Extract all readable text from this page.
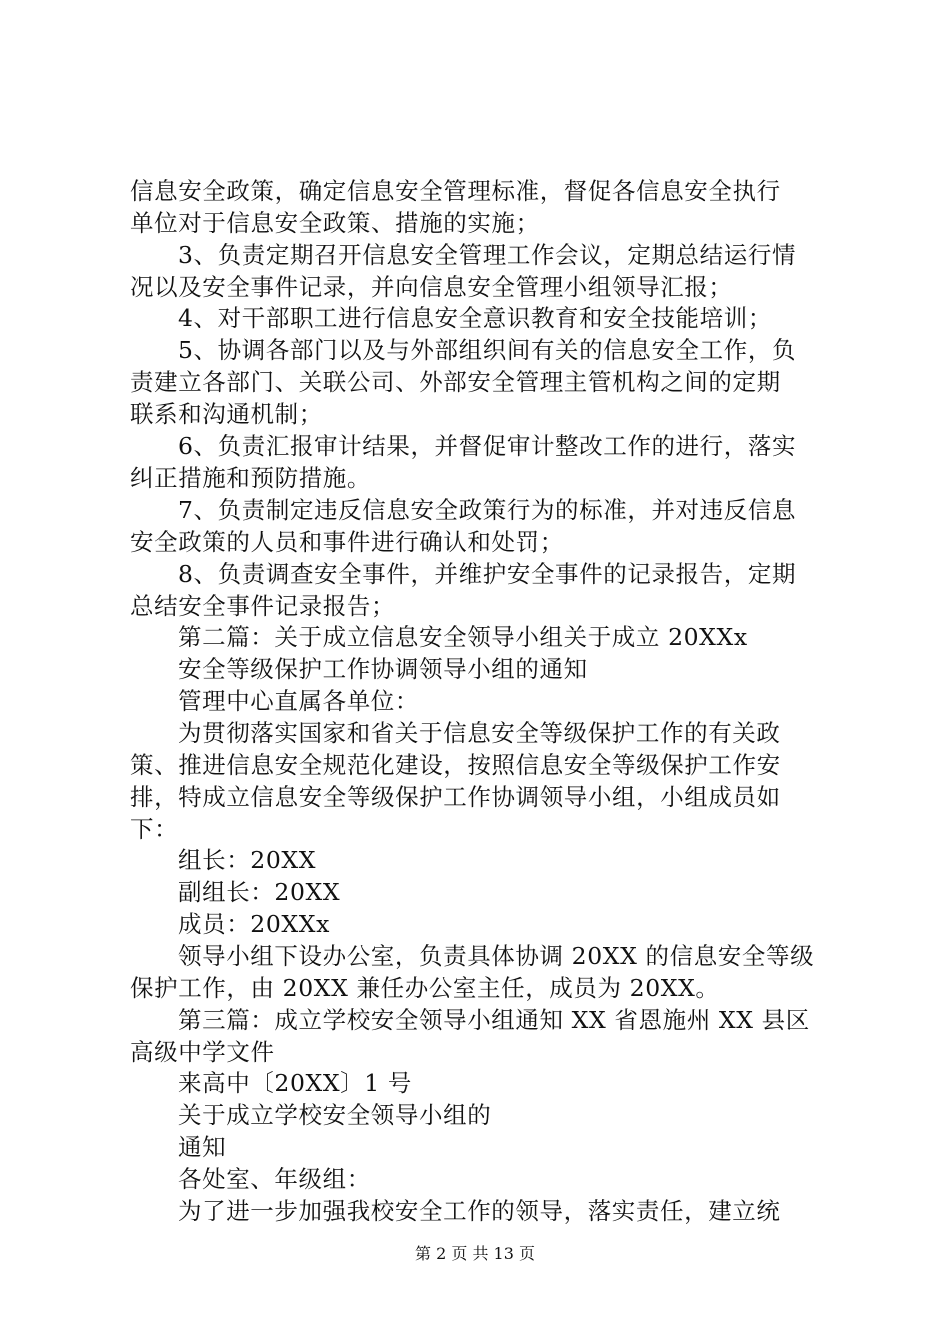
信息安全政策，确定信息安全管理标准，督促各信息安全执行
单位对于信息安全政策、措施的实施；
3、负责定期召开信息安全管理工作会议，定期总结运行情
况以及安全事件记录，并向信息安全管理小组领导汇报；
4、对干部职工进行信息安全意识教育和安全技能培训；
5、协调各部门以及与外部组织间有关的信息安全工作，负
责建立各部门、关联公司、外部安全管理主管机构之间的定期
联系和沟通机制；
6、负责汇报审计结果，并督促审计整改工作的进行，落实
纠正措施和预防措施。
7、负责制定违反信息安全政策行为的标准，并对违反信息
安全政策的人员和事件进行确认和处罚；
8、负责调查安全事件，并维护安全事件的记录报告，定期
总结安全事件记录报告；
第二篇：关于成立信息安全领导小组关于成立 20XXx
安全等级保护工作协调领导小组的通知
管理中心直属各单位：
为贯彻落实国家和省关于信息安全等级保护工作的有关政
策、推进信息安全规范化建设，按照信息安全等级保护工作安
排，特成立信息安全等级保护工作协调领导小组，小组成员如
下：
组长：20XX
副组长：20XX
成员：20XXx
领导小组下设办公室，负责具体协调 20XX 的信息安全等级
保护工作，由 20XX 兼任办公室主任，成员为 20XX。
第三篇：成立学校安全领导小组通知 XX 省恩施州 XX 县区
高级中学文件
来高中〔20XX〕1 号
关于成立学校安全领导小组的
通知
各处室、年级组：
为了进一步加强我校安全工作的领导，落实责任，建立统
第 2 页 共 13 页
